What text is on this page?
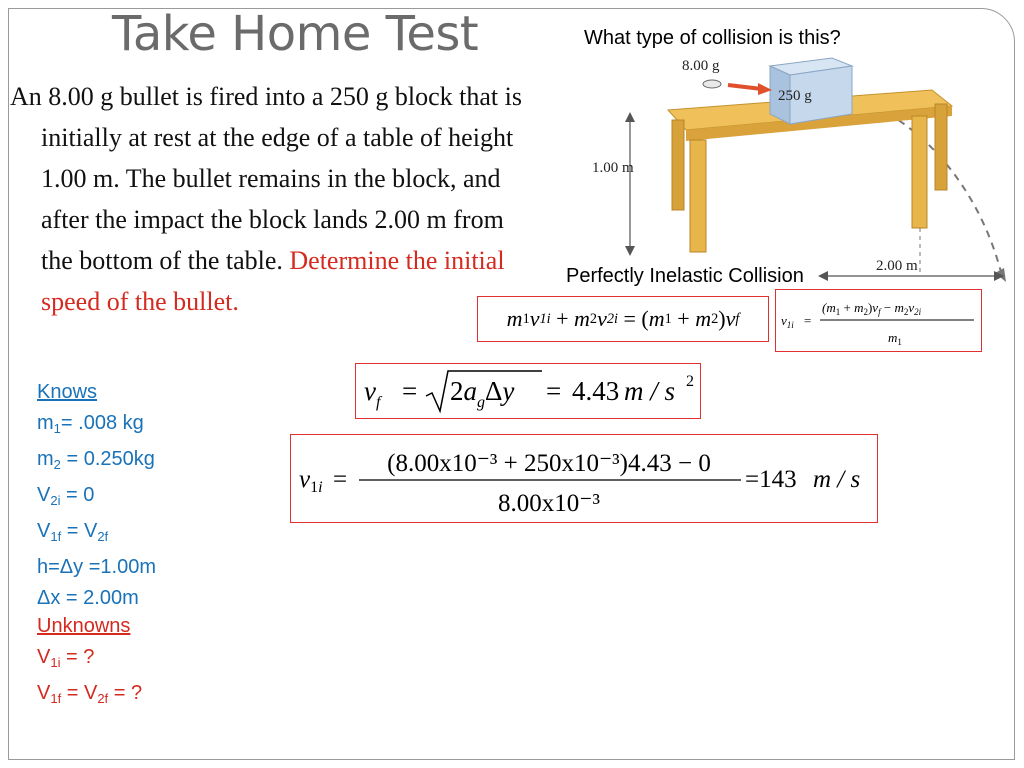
Take Home Test

An 8.00 g bullet is fired into a 250 g block that is initially at rest at the edge of a table of height 1.00 m. The bullet remains in the block, and after the impact the block lands 2.00 m from the bottom of the table. Determine the initial speed of the bullet.

What type of collision is this?
250 g
8.00 g
1.00 m
2.00 m
Perfectly Inelastic Collision
m 1 v 1i
+ m 2 v 2i
=
( m 1
+ m 2 ) v f	$v_{1i}$ =
$(m_1 + m_2)v_f - m_2v_{2i}$
$m_1$
$v_f = 2a_g\Delta y = 4.43$ m / s 2
$v_1i$ =
(8.00x10⁻³ + 250x10⁻³)4.43 − 0
8.00x10⁻³
=143 m / s
Knows
$m_1= .008$ kg
$m_2 = 0.250kg$
$V_{2i} = 0$
$V_{1f} = V_{2f}$
h=Δy =1.00m
Δx = 2.00m
Unknowns
$V_{1i}$ = ?
$V_{1f} = V_{2f}$ = ?
